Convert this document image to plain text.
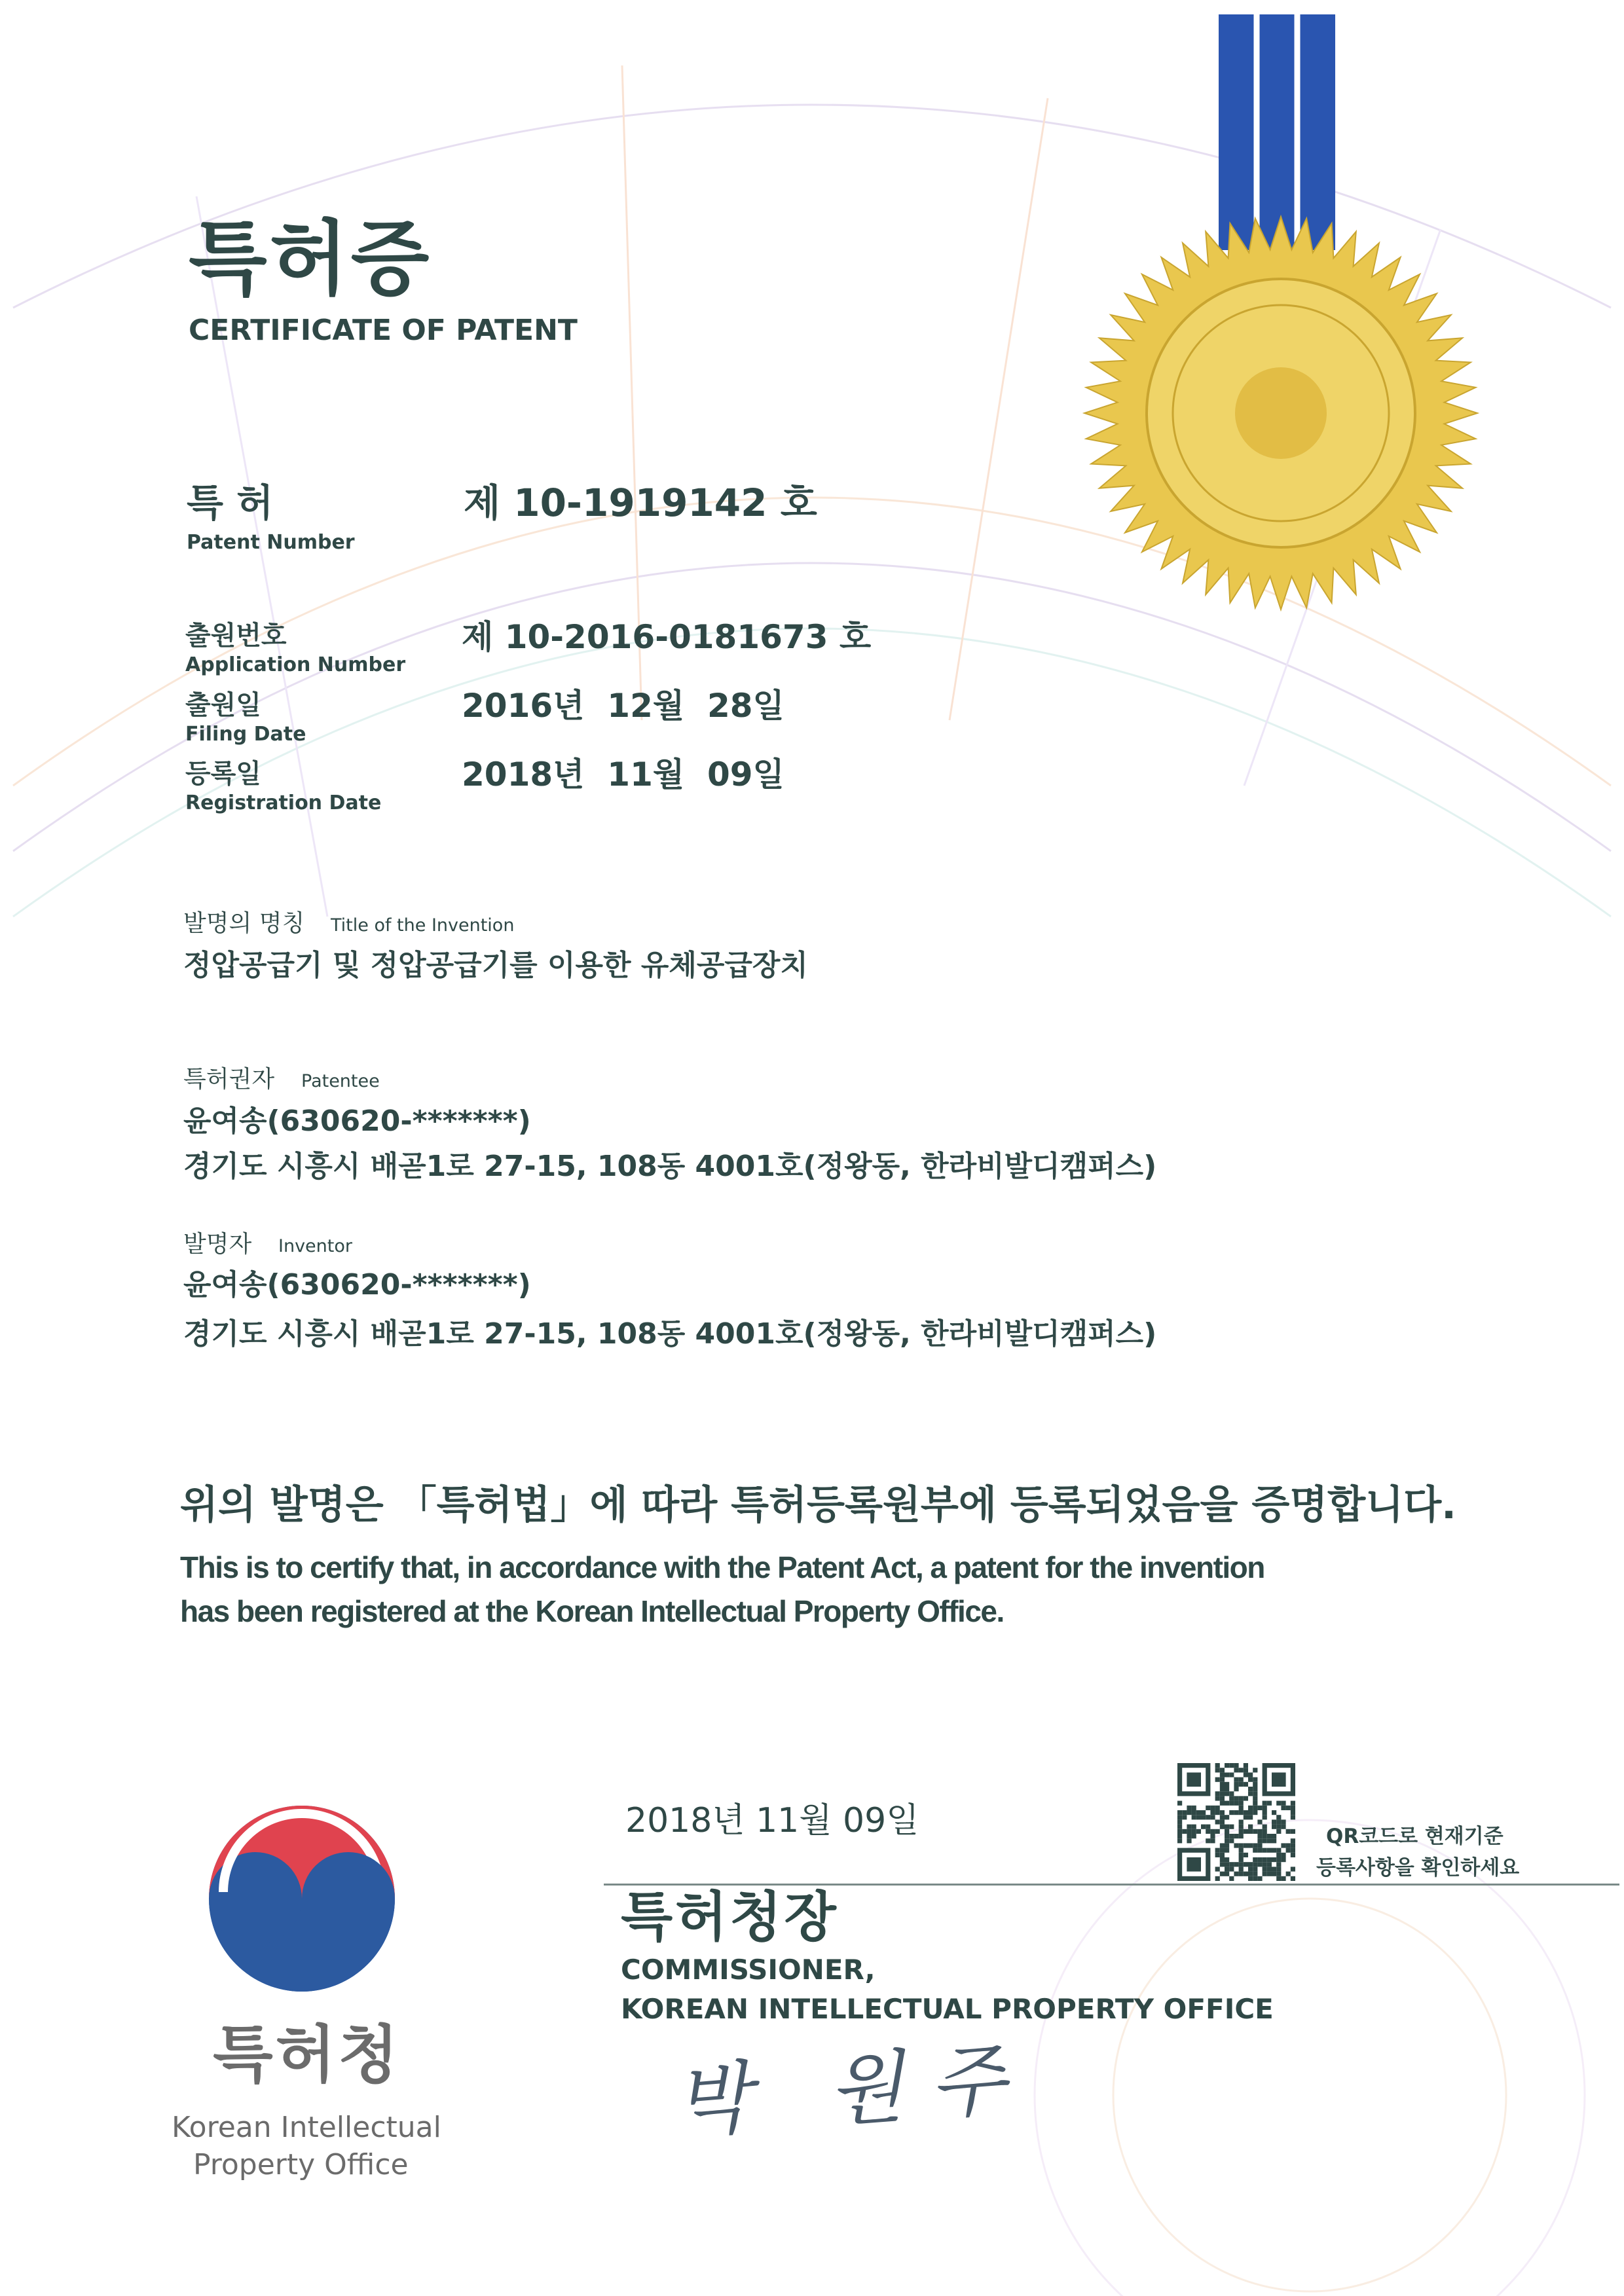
특허증
CERTIFICATE OF PATENT
특 허
Patent Number
제 10-1919142 호
출원번호
Application Number
제 10-2016-0181673 호
출원일
Filing Date
2016년  12월  28일
등록일
Registration Date
2018년  11월  09일
발명의 명칭 Title of the Invention
정압공급기 및 정압공급기를 이용한 유체공급장치
특허권자 Patentee
윤여송(630620-*******)
경기도 시흥시 배곧1로 27-15, 108동 4001호(정왕동, 한라비발디캠퍼스)
발명자 Inventor
윤여송(630620-*******)
경기도 시흥시 배곧1로 27-15, 108동 4001호(정왕동, 한라비발디캠퍼스)
위의 발명은 「특허법」에 따라 특허등록원부에 등록되었음을 증명합니다.
This is to certify that, in accordance with the Patent Act, a patent for the invention
has been registered at the Korean Intellectual Property Office.
2018년 11월 09일	QR코드로 현재기준
등록사항을 확인하세요
특허청장
COMMISSIONER,
KOREAN INTELLECTUAL PROPERTY OFFICE
박 원주
특허청
Korean Intellectual
Property Office
